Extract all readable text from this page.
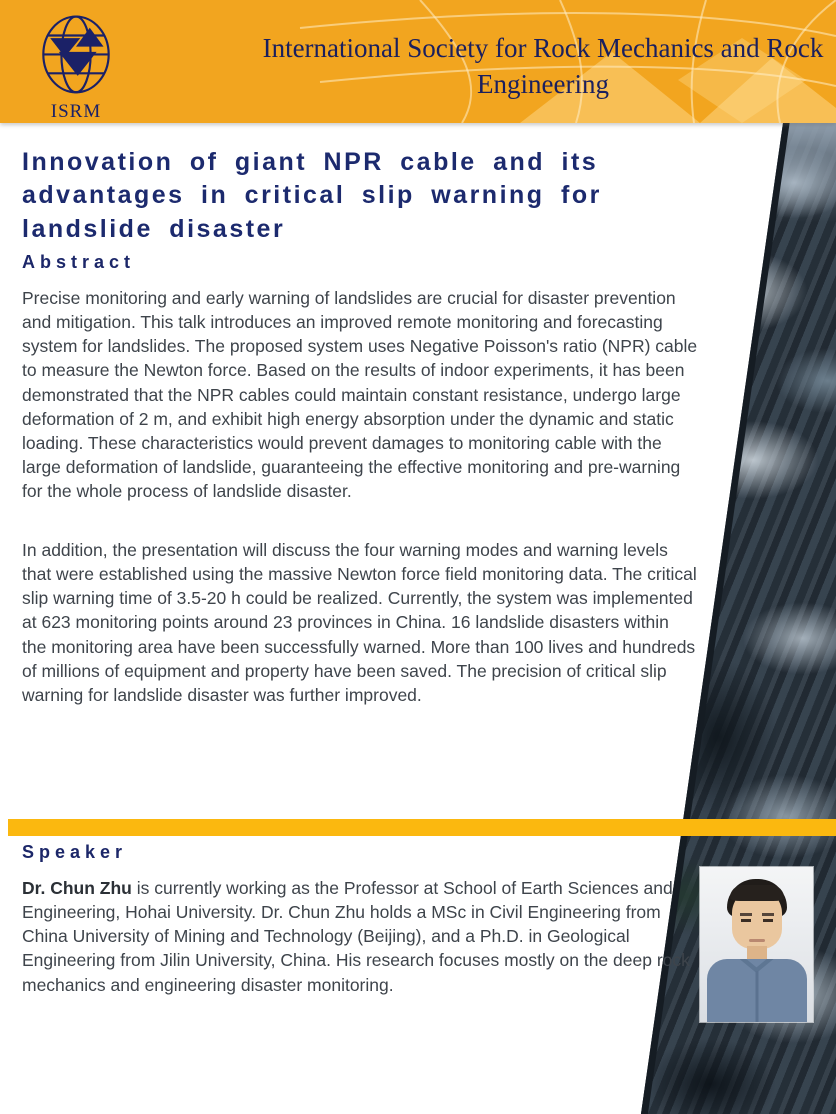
ISRM
International Society for Rock Mechanics and Rock Engineering
Innovation of giant NPR cable and its advantages in critical slip warning for landslide disaster
Abstract

Precise monitoring and early warning of landslides are crucial for disaster prevention and mitigation. This talk introduces an improved remote monitoring and forecasting system for landslides. The proposed system uses Negative Poisson's ratio (NPR) cable to measure the Newton force. Based on the results of indoor experiments, it has been demonstrated that the NPR cables could maintain constant resistance, undergo large deformation of 2 m, and exhibit high energy absorption under the dynamic and static loading. These characteristics would prevent damages to monitoring cable with the large deformation of landslide, guaranteeing the effective monitoring and pre-warning for the whole process of landslide disaster.

In addition, the presentation will discuss the four warning modes and warning levels that were established using the massive Newton force field monitoring data. The critical slip warning time of 3.5-20 h could be realized. Currently, the system was implemented at 623 monitoring points around 23 provinces in China. 16 landslide disasters within the monitoring area have been successfully warned. More than 100 lives and hundreds of millions of equipment and property have been saved. The precision of critical slip warning for landslide disaster was further improved.

Speaker

Dr. Chun Zhu is currently working as the Professor at School of Earth Sciences and Engineering, Hohai University. Dr. Chun Zhu holds a MSc in Civil Engineering from China University of Mining and Technology (Beijing), and a Ph.D. in Geological Engineering from Jilin University, China. His research focuses mostly on the deep rock mechanics and engineering disaster monitoring.
